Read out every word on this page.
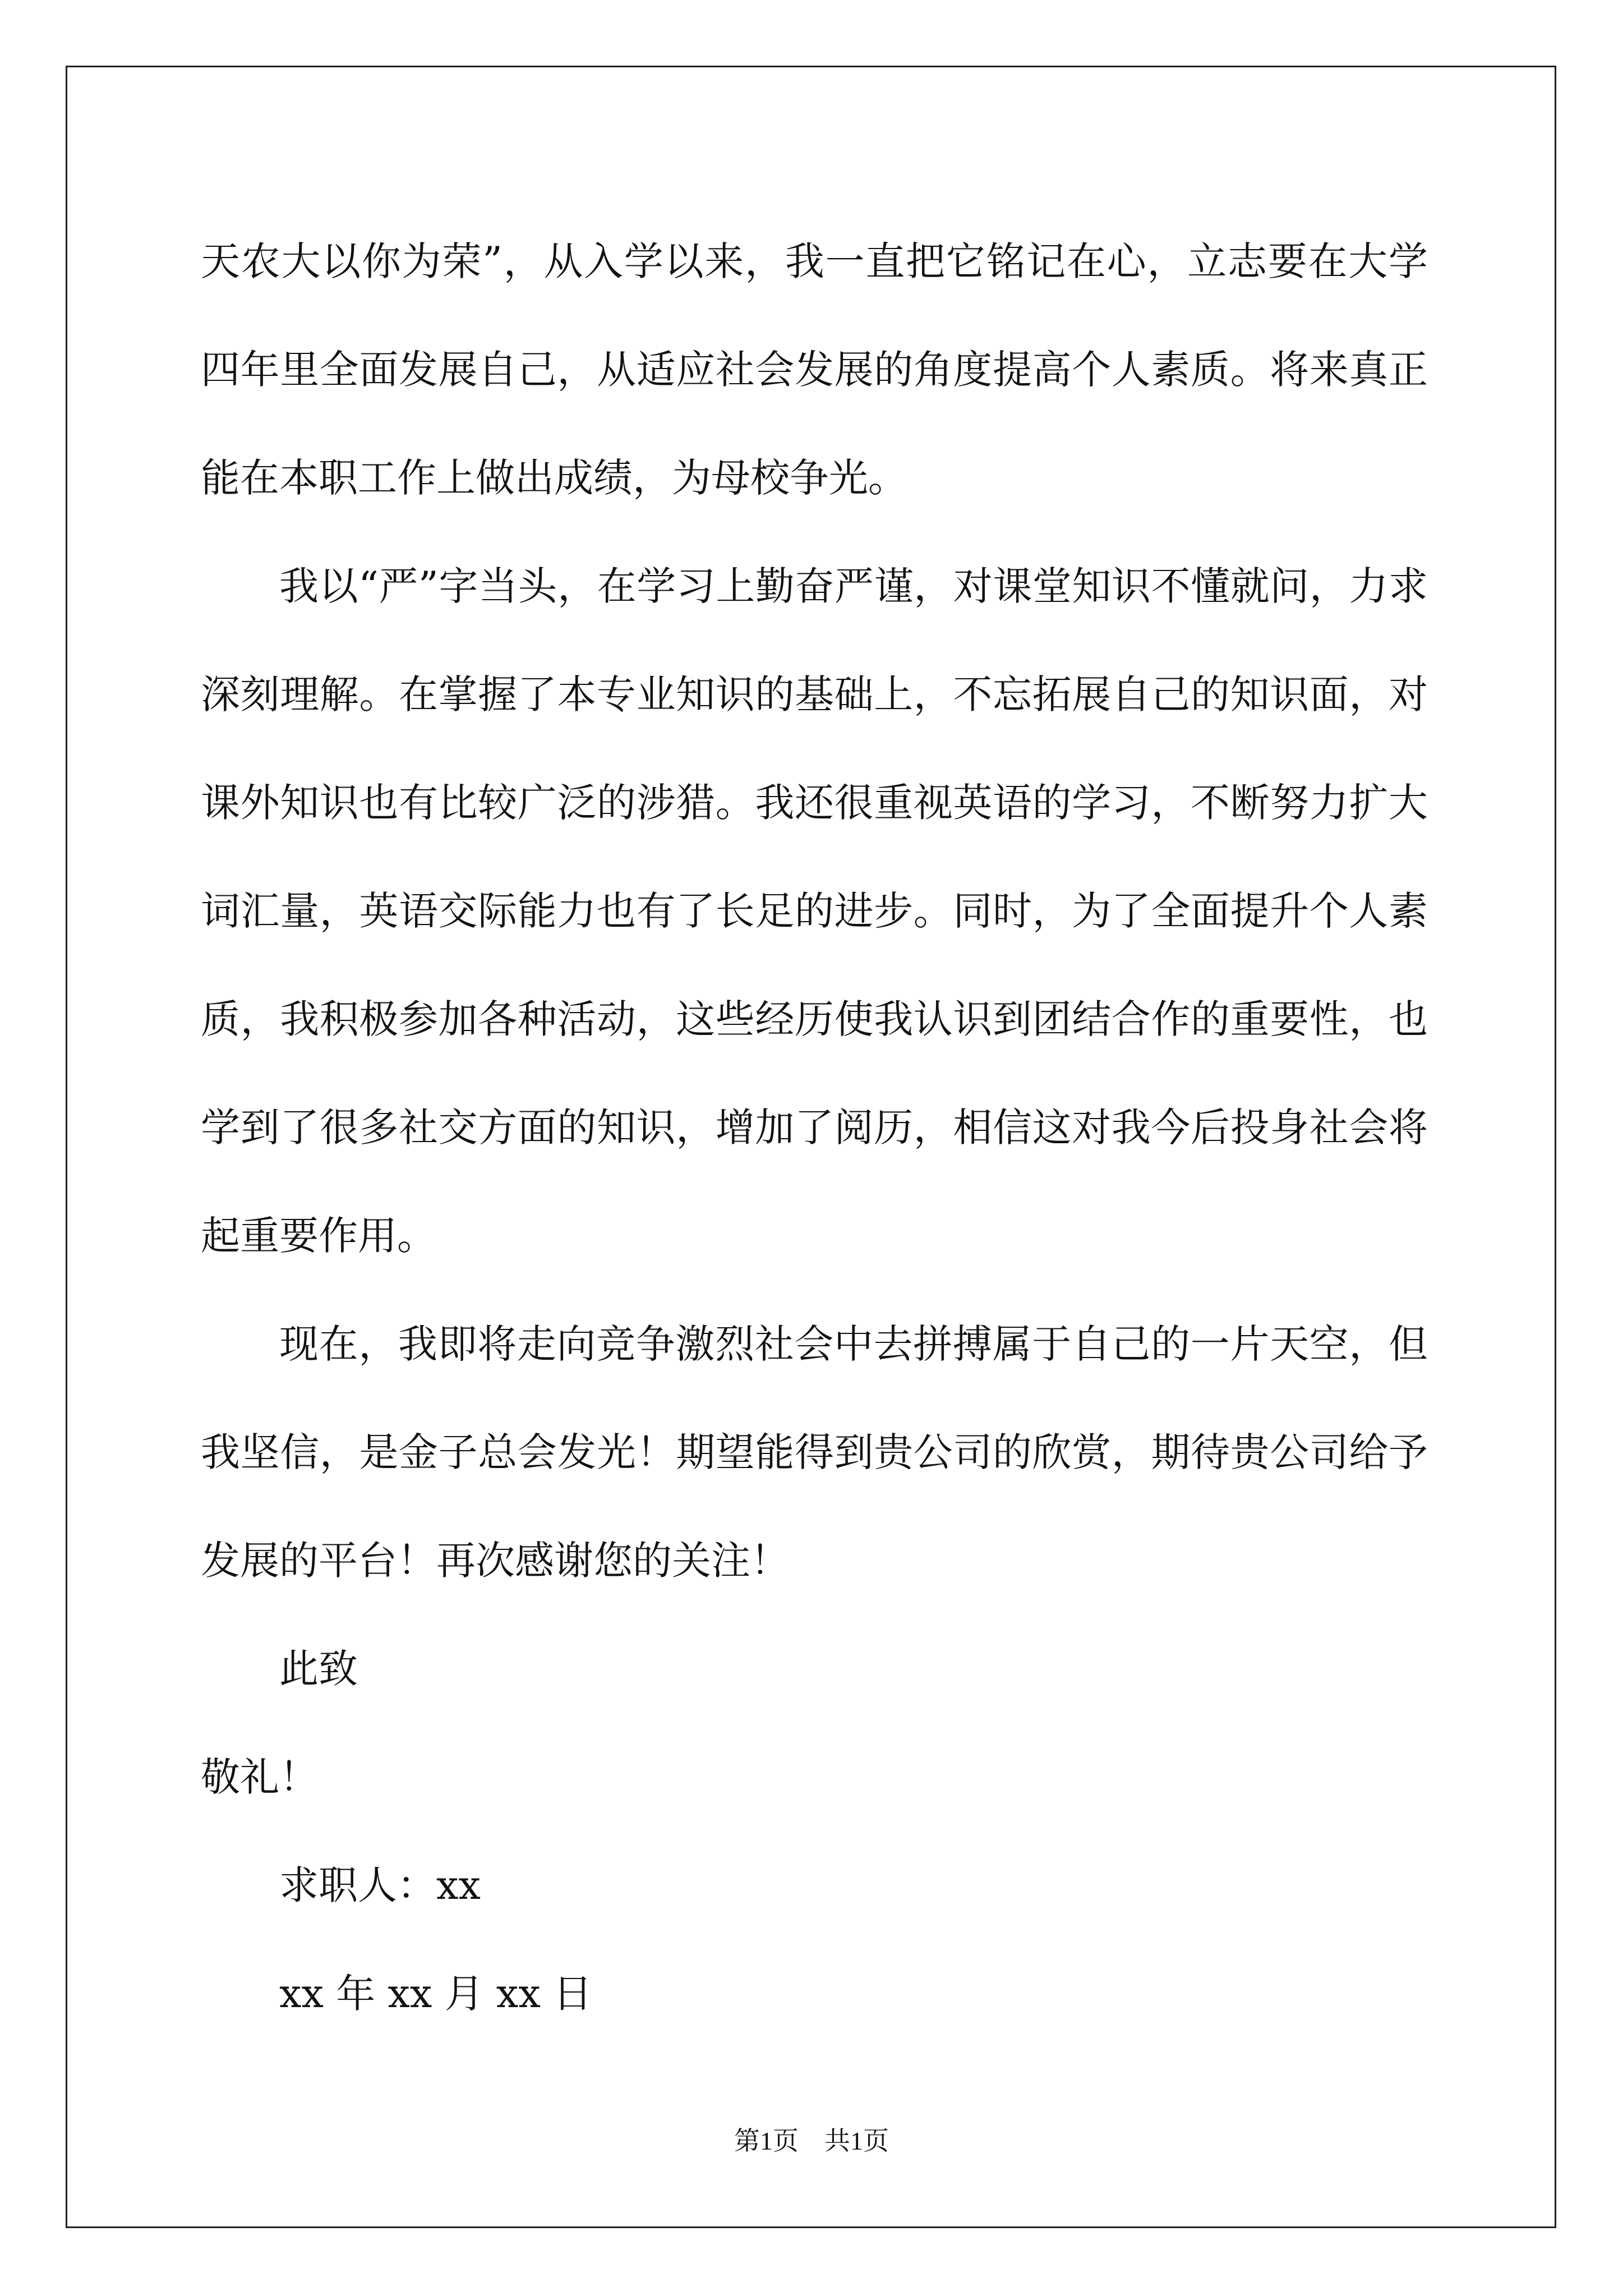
天农大以你为荣”，从入学以来，我一直把它铭记在心，立志要在大学四年里全面发展自己，从适应社会发展的角度提高个人素质。将来真正能在本职工作上做出成绩，为母校争光。

我以“严”字当头，在学习上勤奋严谨，对课堂知识不懂就问，力求深刻理解。在掌握了本专业知识的基础上，不忘拓展自己的知识面，对课外知识也有比较广泛的涉猎。我还很重视英语的学习，不断努力扩大词汇量，英语交际能力也有了长足的进步。同时，为了全面提升个人素质，我积极参加各种活动，这些经历使我认识到团结合作的重要性，也学到了很多社交方面的知识，增加了阅历，相信这对我今后投身社会将起重要作用。

现在，我即将走向竞争激烈社会中去拼搏属于自己的一片天空，但我坚信，是金子总会发光！期望能得到贵公司的欣赏，期待贵公司给予发展的平台！再次感谢您的关注！

此致

敬礼！

求职人：xx

xx 年 xx 月 xx 日

第1页 共1页
